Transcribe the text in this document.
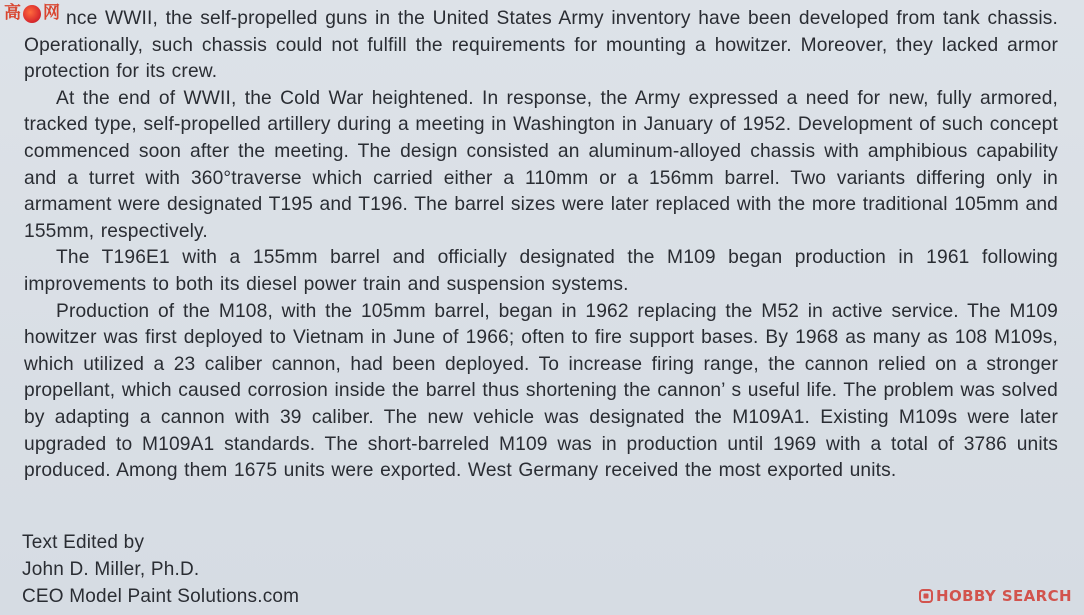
高 网 nce WWII, the self-propelled guns in the United States Army inventory have been developed from tank chassis. Operationally, such chassis could not fulfill the requirements for mounting a howitzer. Moreover, they lacked armor protection for its crew.

At the end of WWII, the Cold War heightened. In response, the Army expressed a need for new, fully armored, tracked type, self-propelled artillery during a meeting in Washington in January of 1952. Development of such concept commenced soon after the meeting. The design consisted an aluminum-alloyed chassis with amphibious capability and a turret with 360°traverse which carried either a 110mm or a 156mm barrel. Two variants differing only in armament were designated T195 and T196. The barrel sizes were later replaced with the more traditional 105mm and 155mm, respectively.

The T196E1 with a 155mm barrel and officially designated the M109 began production in 1961 following improvements to both its diesel power train and suspension systems.

Production of the M108, with the 105mm barrel, began in 1962 replacing the M52 in active service. The M109 howitzer was first deployed to Vietnam in June of 1966; often to fire support bases. By 1968 as many as 108 M109s, which utilized a 23 caliber cannon, had been deployed. To increase firing range, the cannon relied on a stronger propellant, which caused corrosion inside the barrel thus shortening the cannon’ s useful life. The problem was solved by adapting a cannon with 39 caliber. The new vehicle was designated the M109A1. Existing M109s were later upgraded to M109A1 standards. The short-barreled M109 was in production until 1969 with a total of 3786 units produced. Among them 1675 units were exported. West Germany received the most exported units.

Text Edited by
John D. Miller, Ph.D.
CEO Model Paint Solutions.com	HOBBY SEARCH
